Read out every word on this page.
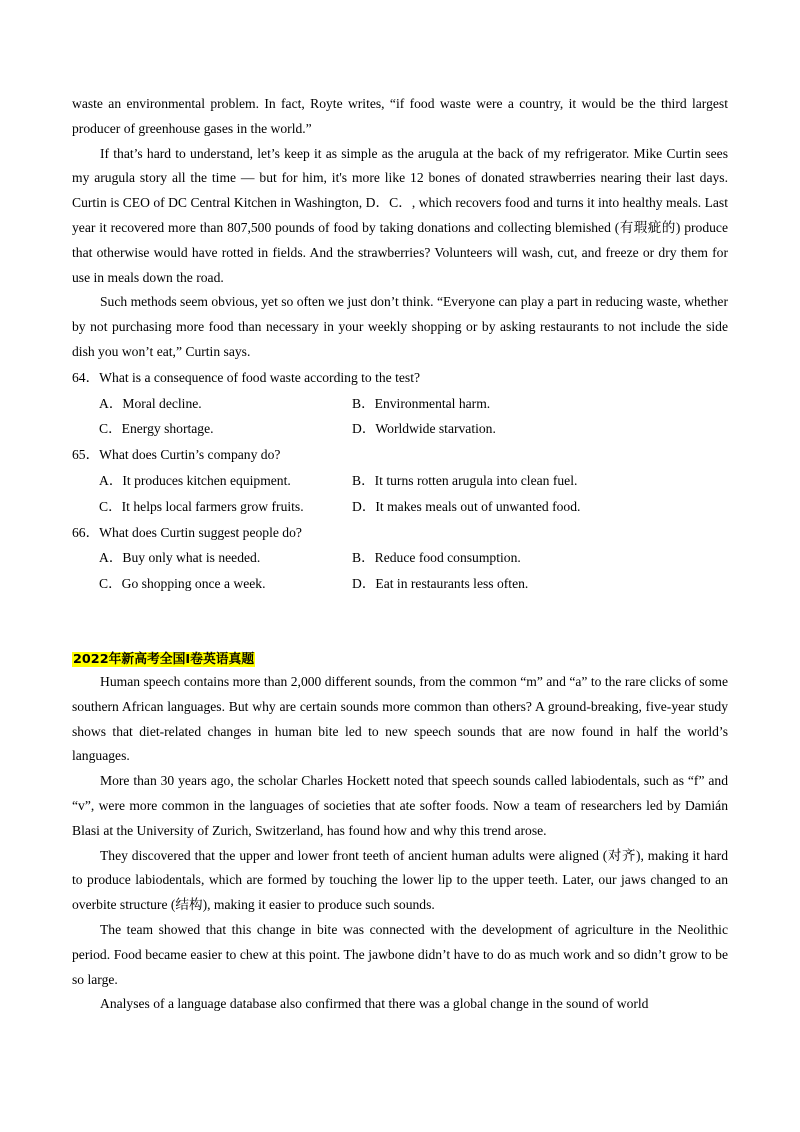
waste an environmental problem. In fact, Royte writes, “if food waste were a country, it would be the third largest producer of greenhouse gases in the world.”

If that’s hard to understand, let’s keep it as simple as the arugula at the back of my refrigerator. Mike Curtin sees my arugula story all the time — but for him, it's more like 12 bones of donated strawberries nearing their last days. Curtin is CEO of DC Central Kitchen in Washington, D．C．, which recovers food and turns it into healthy meals. Last year it recovered more than 807,500 pounds of food by taking donations and collecting blemished (有瑕疵的) produce that otherwise would have rotted in fields. And the strawberries? Volunteers will wash, cut, and freeze or dry them for use in meals down the road.

Such methods seem obvious, yet so often we just don’t think. “Everyone can play a part in reducing waste, whether by not purchasing more food than necessary in your weekly shopping or by asking restaurants to not include the side dish you won’t eat,” Curtin says.

64．What is a consequence of food waste according to the test?
A．Moral decline.	B．Environmental harm.
C．Energy shortage.	D．Worldwide starvation.
65．What does Curtin’s company do?
A．It produces kitchen equipment.	B．It turns rotten arugula into clean fuel.
C．It helps local farmers grow fruits.	D．It makes meals out of unwanted food.
66．What does Curtin suggest people do?
A．Buy only what is needed.	B．Reduce food consumption.
C．Go shopping once a week.	D．Eat in restaurants less often.
2022年新高考全国I卷英语真题

Human speech contains more than 2,000 different sounds, from the common “m” and “a” to the rare clicks of some southern African languages. But why are certain sounds more common than others? A ground-breaking, five-year study shows that diet-related changes in human bite led to new speech sounds that are now found in half the world’s languages.

More than 30 years ago, the scholar Charles Hockett noted that speech sounds called labiodentals, such as “f” and “v”, were more common in the languages of societies that ate softer foods. Now a team of researchers led by Damián Blasi at the University of Zurich, Switzerland, has found how and why this trend arose.

They discovered that the upper and lower front teeth of ancient human adults were aligned (对齐), making it hard to produce labiodentals, which are formed by touching the lower lip to the upper teeth. Later, our jaws changed to an overbite structure (结构), making it easier to produce such sounds.

The team showed that this change in bite was connected with the development of agriculture in the Neolithic period. Food became easier to chew at this point. The jawbone didn’t have to do as much work and so didn’t grow to be so large.

Analyses of a language database also confirmed that there was a global change in the sound of world
